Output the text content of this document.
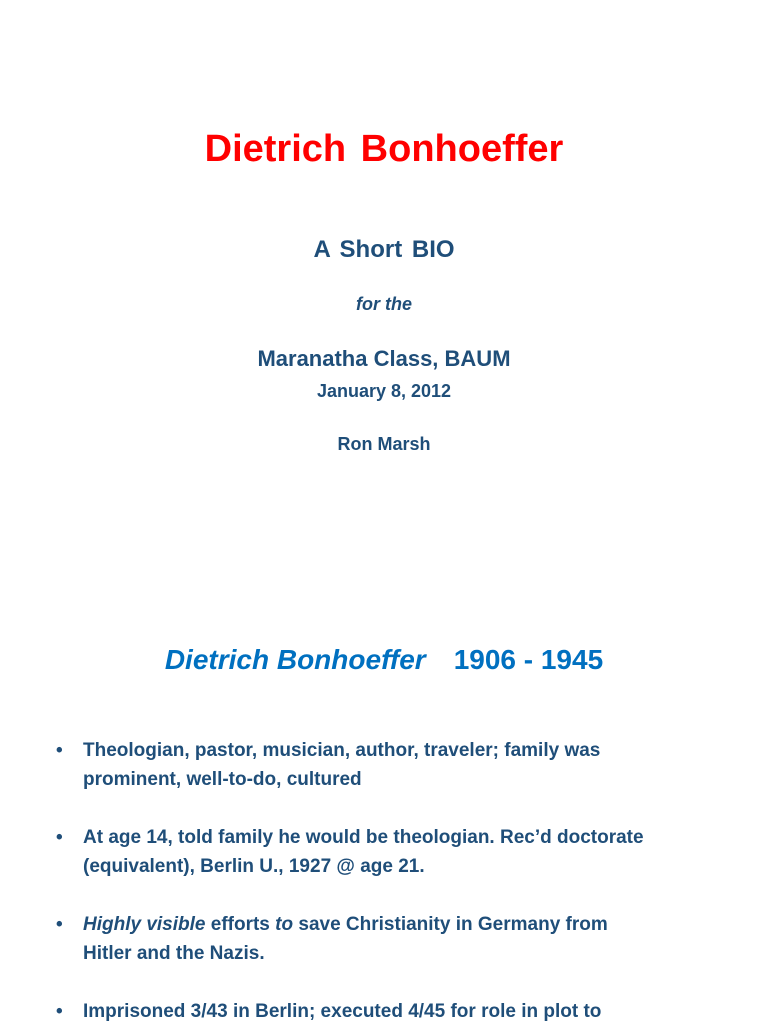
Dietrich Bonhoeffer
A Short BIO
for the
Maranatha Class, BAUM
January 8, 2012
Ron Marsh
Dietrich Bonhoeffer 1906 - 1945
• Theologian, pastor, musician, author, traveler; family was
prominent, well-to-do, cultured
• At age 14, told family he would be theologian. Rec’d doctorate
(equivalent), Berlin U., 1927 @ age 21.
• Highly visible efforts to save Christianity in Germany from
Hitler and the Nazis.
• Imprisoned 3/43 in Berlin; executed 4/45 for role in plot to
